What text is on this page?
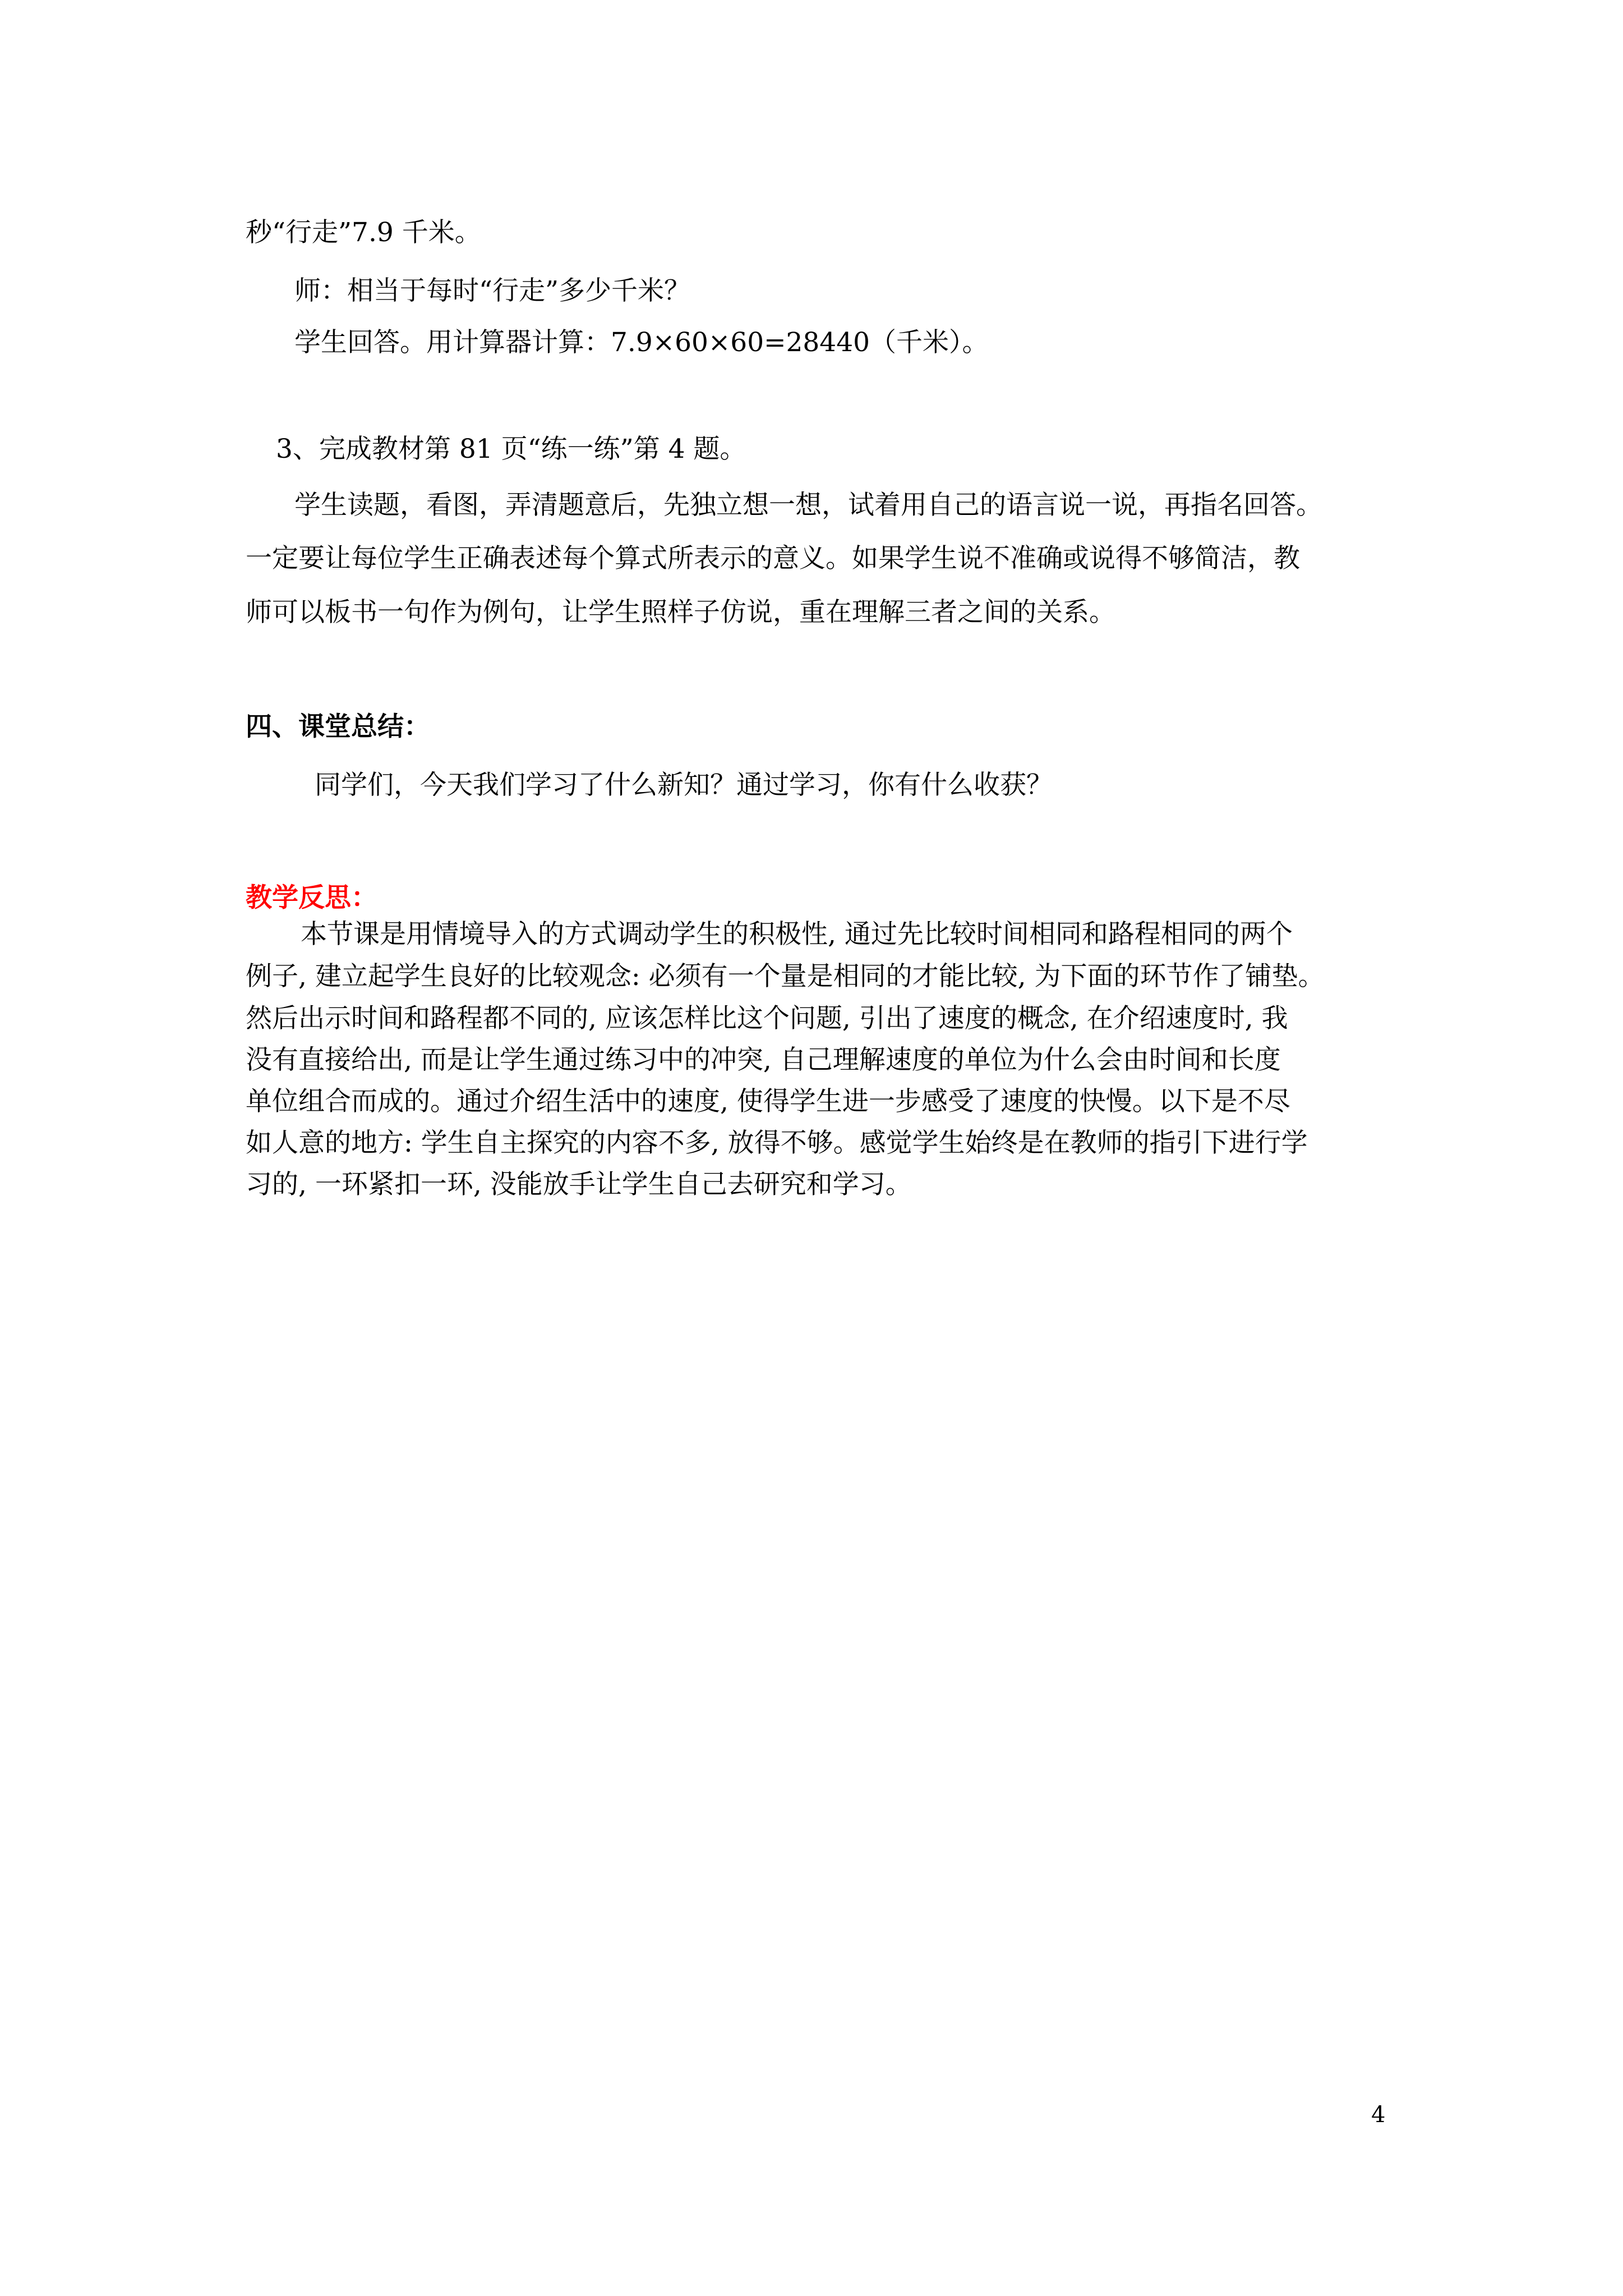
秒“行走”7.9 千米。
师：相当于每时“行走”多少千米？
学生回答。用计算器计算：7.9×60×60=28440（千米）。
3、完成教材第 81 页“练一练”第 4 题。
学生读题，看图，弄清题意后，先独立想一想，试着用自己的语言说一说，再指名回答。
一定要让每位学生正确表述每个算式所表示的意义。如果学生说不准确或说得不够简洁，教
师可以板书一句作为例句，让学生照样子仿说，重在理解三者之间的关系。
四、课堂总结：
同学们，今天我们学习了什么新知？通过学习，你有什么收获？
教学反思：
本节课是用情境导入的方式调动学生的积极性, 通过先比较时间相同和路程相同的两个
例子, 建立起学生良好的比较观念: 必须有一个量是相同的才能比较, 为下面的环节作了铺垫。
然后出示时间和路程都不同的, 应该怎样比这个问题, 引出了速度的概念, 在介绍速度时, 我
没有直接给出, 而是让学生通过练习中的冲突, 自己理解速度的单位为什么会由时间和长度
单位组合而成的。通过介绍生活中的速度, 使得学生进一步感受了速度的快慢。以下是不尽
如人意的地方: 学生自主探究的内容不多, 放得不够。感觉学生始终是在教师的指引下进行学
习的, 一环紧扣一环, 没能放手让学生自己去研究和学习。
4
